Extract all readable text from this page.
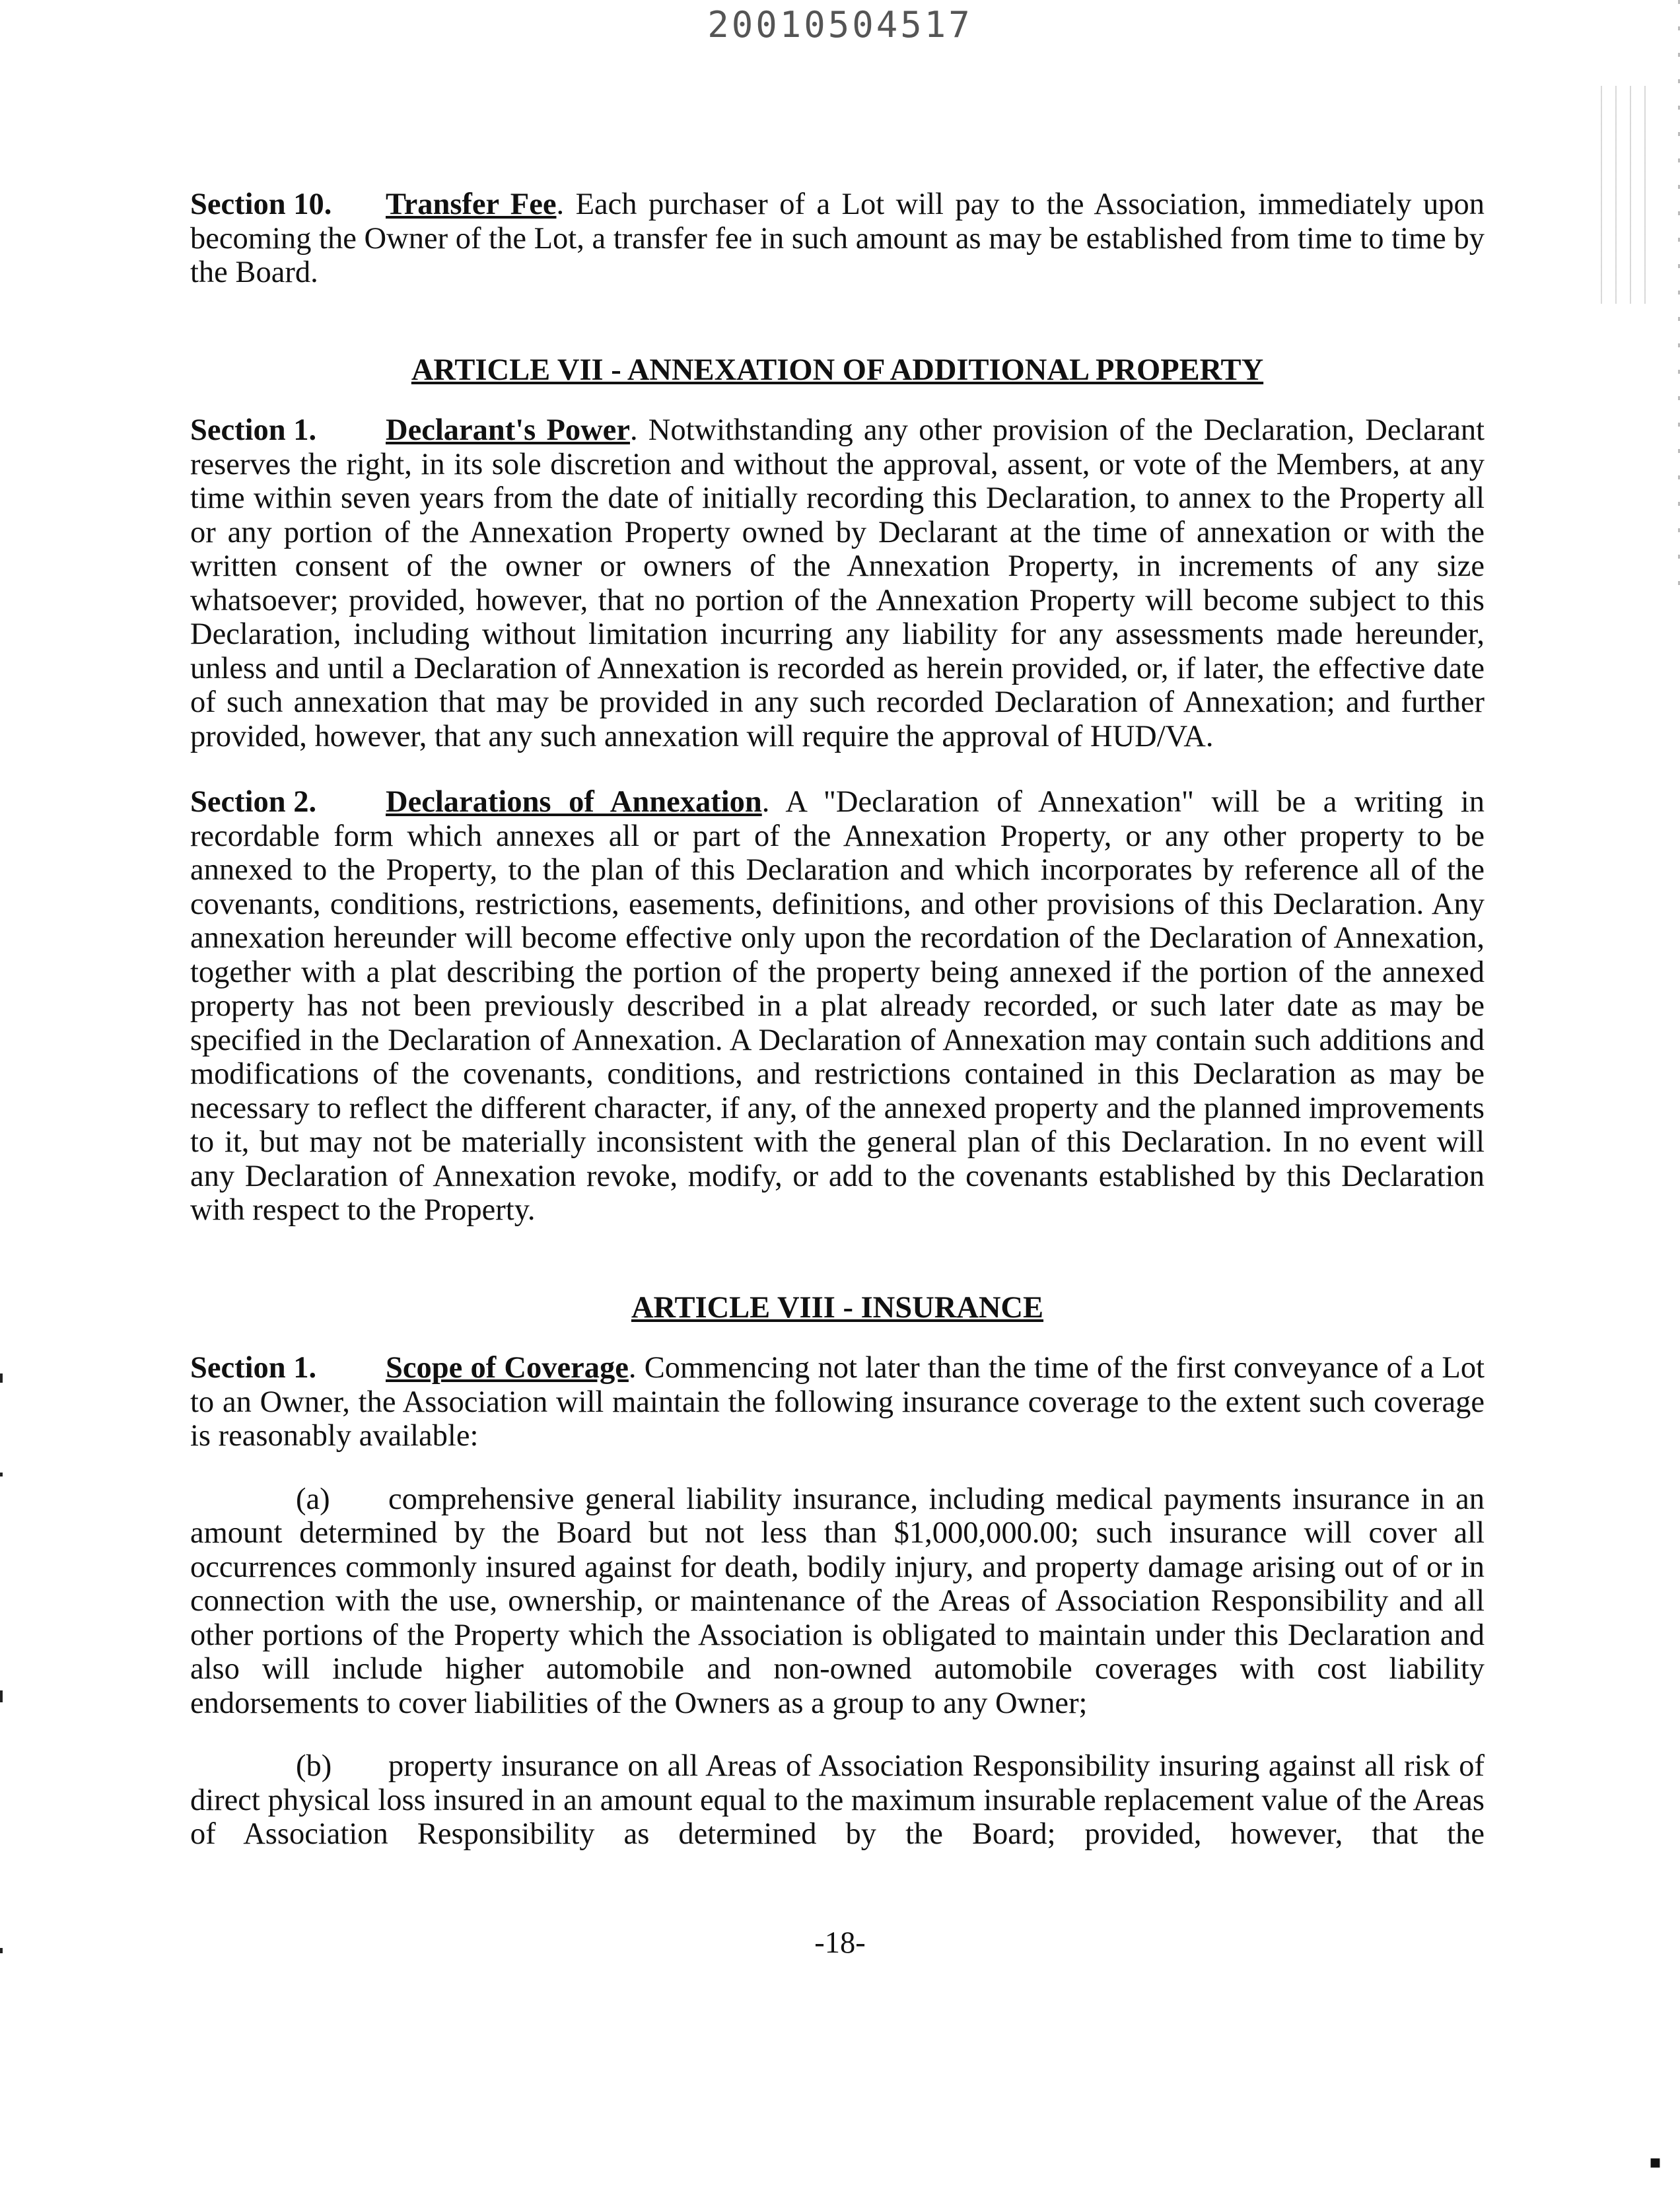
20010504517

Section 10. Transfer Fee. Each purchaser of a Lot will pay to the Association, immediately upon becoming the Owner of the Lot, a transfer fee in such amount as may be established from time to time by the Board.

ARTICLE VII - ANNEXATION OF ADDITIONAL PROPERTY

Section 1. Declarant's Power. Notwithstanding any other provision of the Declaration, Declarant reserves the right, in its sole discretion and without the approval, assent, or vote of the Members, at any time within seven years from the date of initially recording this Declaration, to annex to the Property all or any portion of the Annexation Property owned by Declarant at the time of annexation or with the written consent of the owner or owners of the Annexation Property, in increments of any size whatsoever; provided, however, that no portion of the Annexation Property will become subject to this Declaration, including without limitation incurring any liability for any assessments made hereunder, unless and until a Declaration of Annexation is recorded as herein provided, or, if later, the effective date of such annexation that may be provided in any such recorded Declaration of Annexation; and further provided, however, that any such annexation will require the approval of HUD/VA.

Section 2. Declarations of Annexation. A "Declaration of Annexation" will be a writing in recordable form which annexes all or part of the Annexation Property, or any other property to be annexed to the Property, to the plan of this Declaration and which incorporates by reference all of the covenants, conditions, restrictions, easements, definitions, and other provisions of this Declaration. Any annexation hereunder will become effective only upon the recordation of the Declaration of Annexation, together with a plat describing the portion of the property being annexed if the portion of the annexed property has not been previously described in a plat already recorded, or such later date as may be specified in the Declaration of Annexation. A Declaration of Annexation may contain such additions and modifications of the covenants, conditions, and restrictions contained in this Declaration as may be necessary to reflect the different character, if any, of the annexed property and the planned improvements to it, but may not be materially inconsistent with the general plan of this Declaration. In no event will any Declaration of Annexation revoke, modify, or add to the covenants established by this Declaration with respect to the Property.

ARTICLE VIII - INSURANCE

Section 1. Scope of Coverage. Commencing not later than the time of the first conveyance of a Lot to an Owner, the Association will maintain the following insurance coverage to the extent such coverage is reasonably available:

(a) comprehensive general liability insurance, including medical payments insurance in an amount determined by the Board but not less than $1,000,000.00; such insurance will cover all occurrences commonly insured against for death, bodily injury, and property damage arising out of or in connection with the use, ownership, or maintenance of the Areas of Association Responsibility and all other portions of the Property which the Association is obligated to maintain under this Declaration and also will include higher automobile and non-owned automobile coverages with cost liability endorsements to cover liabilities of the Owners as a group to any Owner;

(b) property insurance on all Areas of Association Responsibility insuring against all risk of direct physical loss insured in an amount equal to the maximum insurable replacement value of the Areas of Association Responsibility as determined by the Board; provided, however, that the

-18-
▪
